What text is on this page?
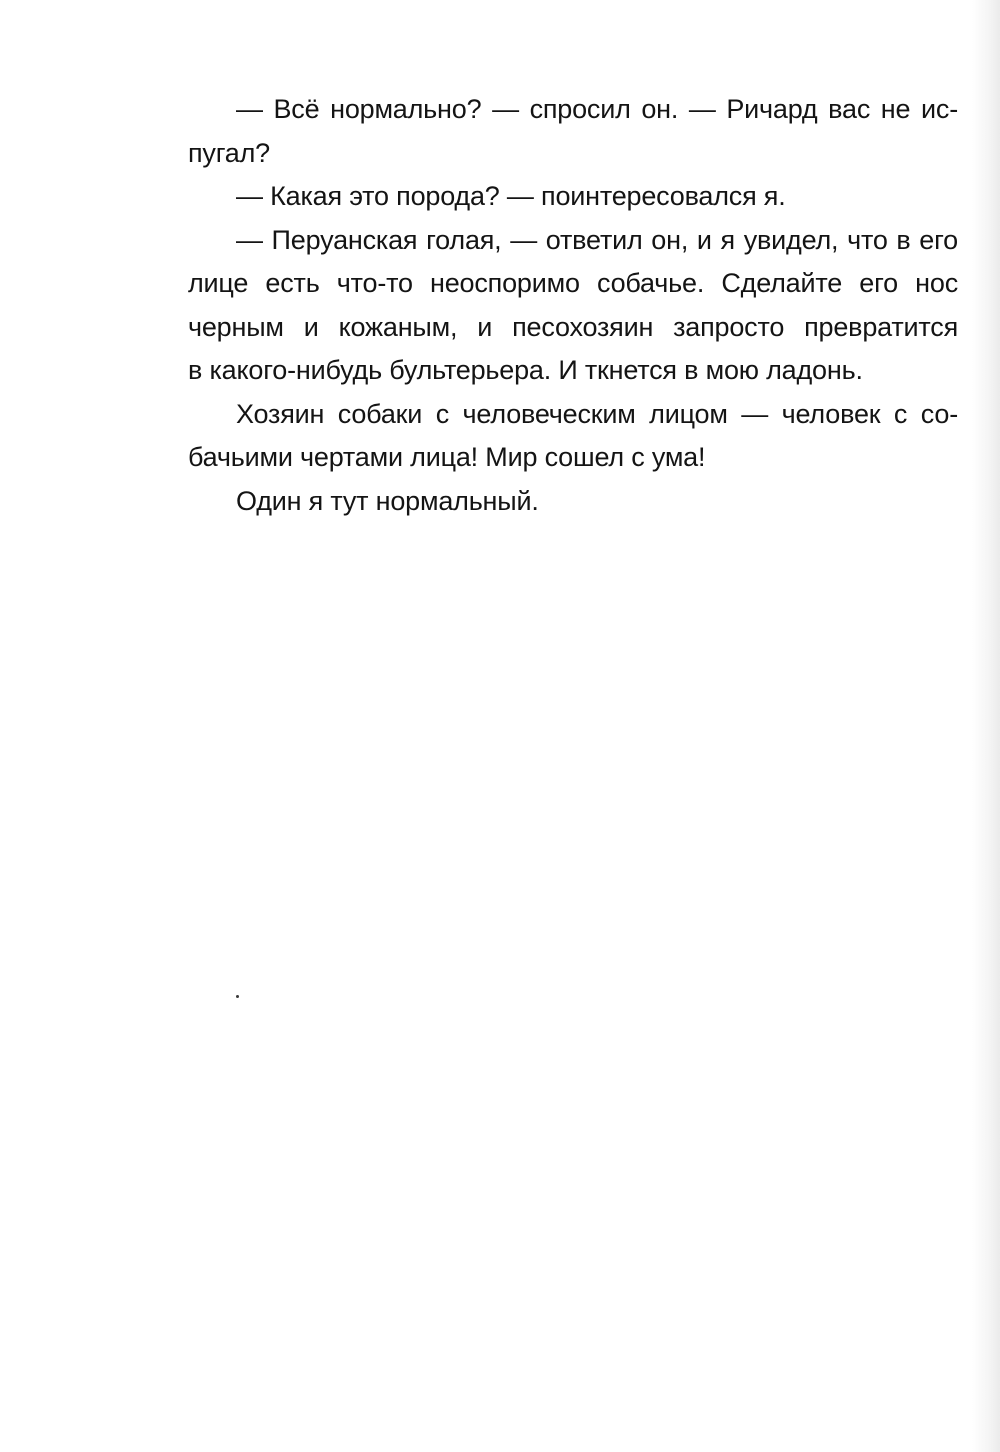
— Всё нормально? — спросил он. — Ричард вас не ис-
пугал?
— Какая это порода? — поинтересовался я.
— Перуанская голая, — ответил он, и я увидел, что в его
лице есть что-то неоспоримо собачье. Сделайте его нос
черным и кожаным, и песохозяин запросто превратится
в какого-нибудь бультерьера. И ткнется в мою ладонь.
Хозяин собаки с человеческим лицом — человек с со-
бачьими чертами лица! Мир сошел с ума!
Один я тут нормальный.
